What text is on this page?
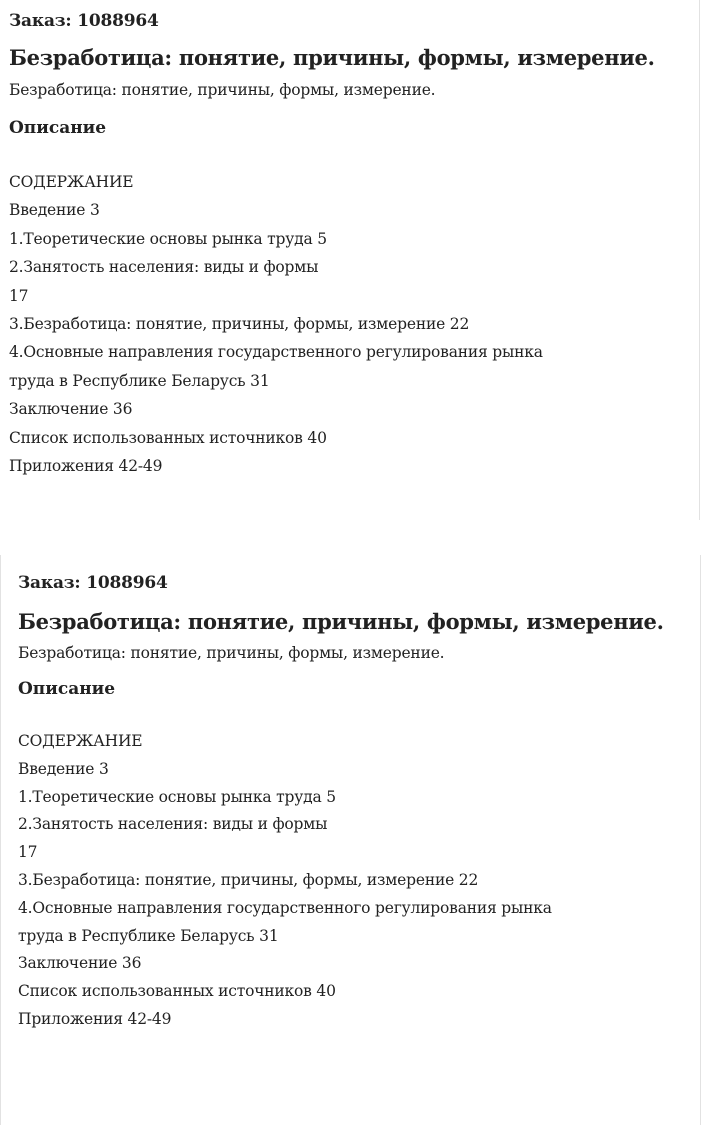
Заказ: 1088964
Безработица: понятие, причины, формы, измерение.
Безработица: понятие, причины, формы, измерение.
Описание
СОДЕРЖАНИЕ
Введение 3
1.Теоретические основы рынка труда 5
2.Занятость населения: виды и формы
17
3.Безработица: понятие, причины, формы, измерение 22
4.Основные направления государственного регулирования рынка
труда в Республике Беларусь 31
Заключение 36
Список использованных источников 40
Приложения 42-49
Заказ: 1088964
Безработица: понятие, причины, формы, измерение.
Безработица: понятие, причины, формы, измерение.
Описание
СОДЕРЖАНИЕ
Введение 3
1.Теоретические основы рынка труда 5
2.Занятость населения: виды и формы
17
3.Безработица: понятие, причины, формы, измерение 22
4.Основные направления государственного регулирования рынка
труда в Республике Беларусь 31
Заключение 36
Список использованных источников 40
Приложения 42-49
